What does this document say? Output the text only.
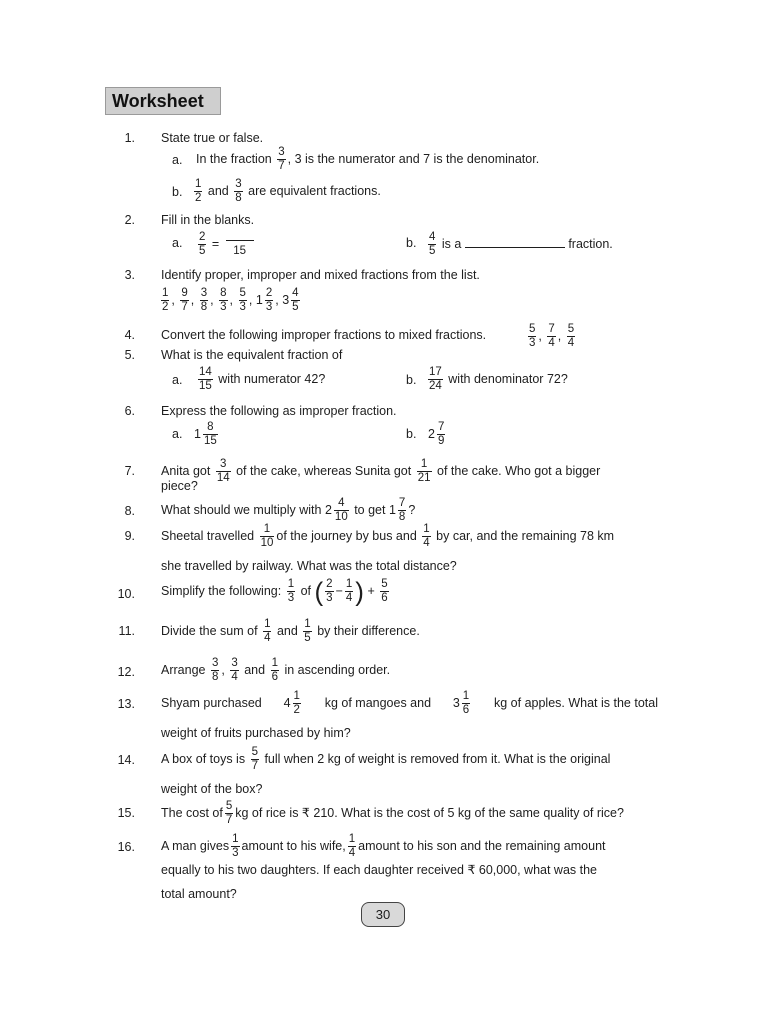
Worksheet
1. State true or false.
a. In the fraction $\frac{3}{7}$ , 3 is the numerator and 7 is the denominator.
b. $\frac{1}{2}$ and $\frac{3}{8}$ are equivalent fractions.
2. Fill in the blanks.
a. $\frac{2}{5} = 15$
b. $\frac{4}{5}$ is a	fraction.
3. Identify proper, improper and mixed fractions from the list.
$\frac{1}{2}$ , $\frac{9}{7}$ , $\frac{3}{8}$ , $\frac{8}{3}$ , $\frac{5}{3}$ , $1 \frac{2}{3}$ , $3 \frac{4}{5}$
4. Convert the following improper fractions to mixed fractions.	$\frac{5}{3}$ , $\frac{7}{4}$ , $\frac{5}{4}$
5. What is the equivalent fraction of
a. $\frac{14}{15}$ with numerator 42?	b. $\frac{17}{24}$ with denominator 72?
6. Express the following as improper fraction.
a. $1 \frac{8}{15}$	b. $2 \frac{7}{9}$
7. Anita got $\frac{3}{14}$ of the cake, whereas Sunita got $\frac{1}{21}$ of the cake. Who got a bigger
piece?
8. What should we multiply with $2 \frac{4}{10}$ to get $1 \frac{7}{8}$ ?
9. Sheetal travelled $\frac{1}{10}$ of the journey by bus and $\frac{1}{4}$ by car, and the remaining 78 km
she travelled by railway. What was the total distance?
10. Simplify the following: $\frac{1}{3}$ of ( $\frac{2}{3} - \frac{1}{4}$ ) + $\frac{5}{6}$
11. Divide the sum of $\frac{1}{4}$ and $\frac{1}{5}$ by their difference.
12. Arrange $\frac{3}{8}$ , $\frac{3}{4}$ and $\frac{1}{6}$ in ascending order.
13. Shyam purchased $4 \frac{1}{2}$ kg of mangoes and $3 \frac{1}{6}$ kg of apples. What is the total
weight of fruits purchased by him?
14. A box of toys is $\frac{5}{7}$ full when 2 kg of weight is removed from it. What is the original
weight of the box?
15. The cost of $\frac{5}{7}$ kg of rice is ₹ 210. What is the cost of 5 kg of the same quality of rice?
16. A man gives $\frac{1}{3}$ amount to his wife, $\frac{1}{4}$ amount to his son and the remaining amount
equally to his two daughters. If each daughter received ₹ 60,000, what was the
total amount?
30
